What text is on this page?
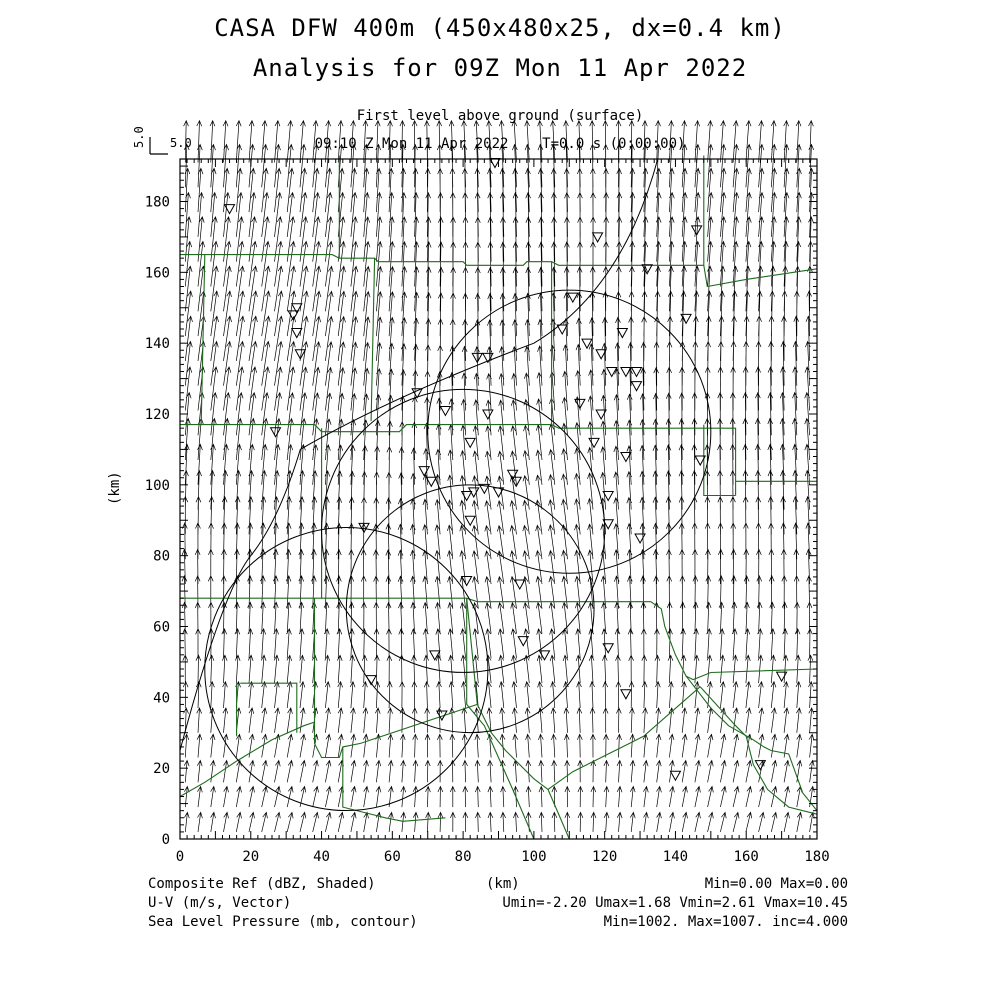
CASA DFW 400m (450x480x25, dx=0.4 km)
Analysis for 09Z Mon 11 Apr 2022
First level above ground (surface)
09:10 Z Mon 11 Apr 2022    T=0.0 s (0:00:00)
0	20	40	60	80	100	120	140	160	180
0
20
40
60
80
100
120
140
160
180
5.0 5.0
(km)
Composite Ref (dBZ, Shaded)
U-V (m/s, Vector)
Sea Level Pressure (mb, contour)
(km)	Min=0.00 Max=0.00
Umin=-2.20 Umax=1.68 Vmin=2.61 Vmax=10.45
Min=1002. Max=1007. inc=4.000
